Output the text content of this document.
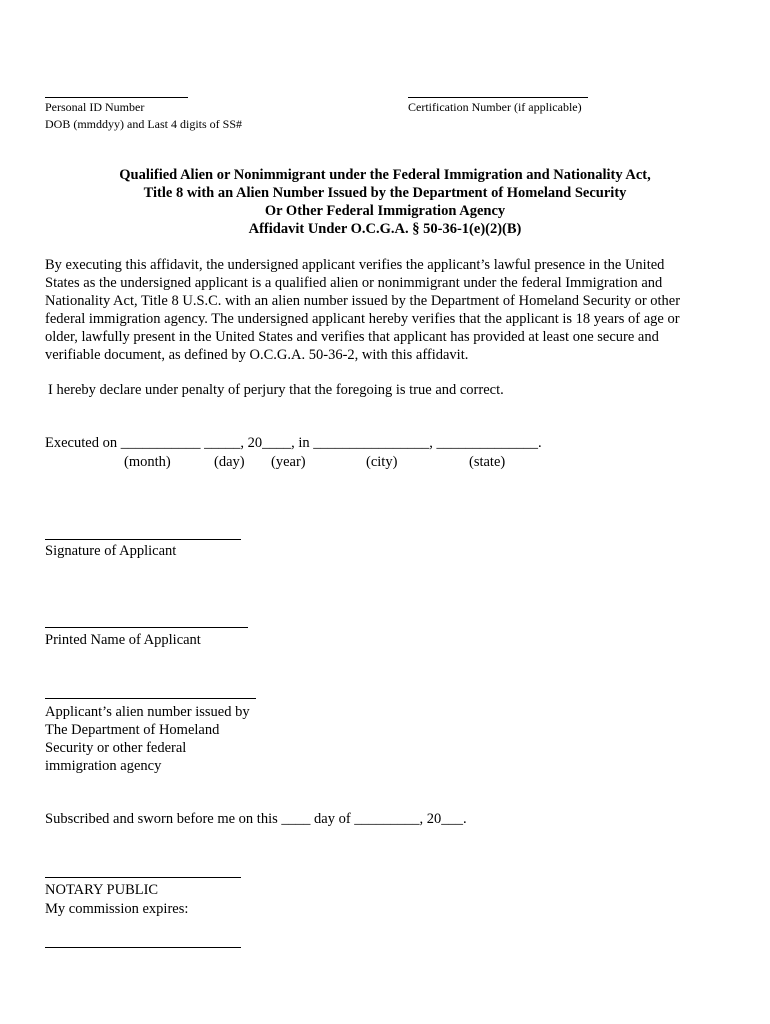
Personal ID Number
DOB (mmddyy) and Last 4 digits of SS#
Certification Number (if applicable)
Qualified Alien or Nonimmigrant under the Federal Immigration and Nationality Act,
Title 8 with an Alien Number Issued by the Department of Homeland Security
Or Other Federal Immigration Agency
Affidavit Under O.C.G.A. § 50-36-1(e)(2)(B)
By executing this affidavit, the undersigned applicant verifies the applicant’s lawful presence in the United
States as the undersigned applicant is a qualified alien or nonimmigrant under the federal Immigration and
Nationality Act, Title 8 U.S.C. with an alien number issued by the Department of Homeland Security or other
federal immigration agency. The undersigned applicant hereby verifies that the applicant is 18 years of age or
older, lawfully present in the United States and verifies that applicant has provided at least one secure and
verifiable document, as defined by O.C.G.A. 50-36-2, with this affidavit.
I hereby declare under penalty of perjury that the foregoing is true and correct.
Executed on ___________ _____, 20____, in ________________, ______________.
(month)	(day) (year)	(city)	(state)
Signature of Applicant
Printed Name of Applicant
Applicant’s alien number issued by
The Department of Homeland
Security or other federal
immigration agency
Subscribed and sworn before me on this ____ day of _________, 20___.
NOTARY PUBLIC
My commission expires:
